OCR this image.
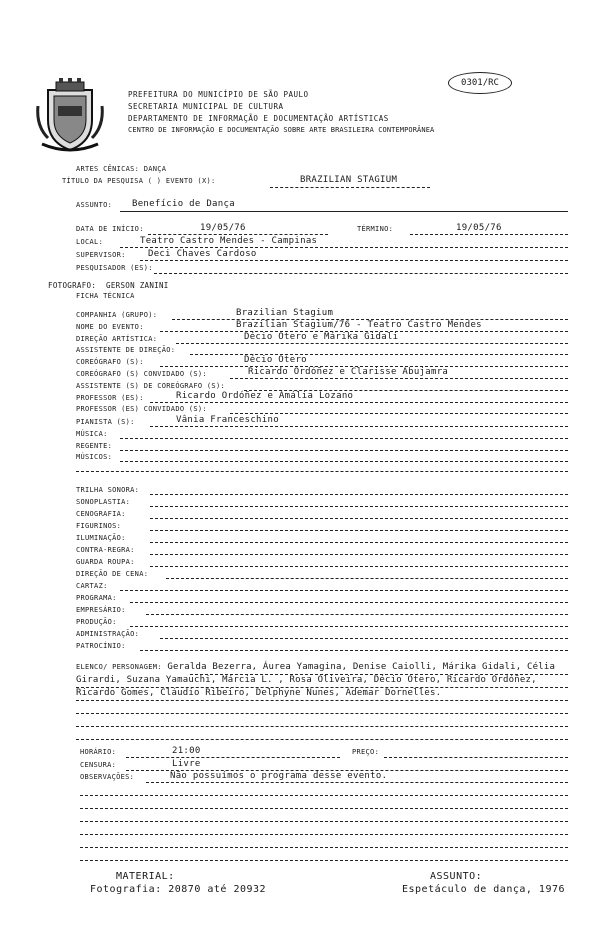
0301/RC
PREFEITURA DO MUNICÍPIO DE SÃO PAULO
SECRETARIA MUNICIPAL DE CULTURA
DEPARTAMENTO DE INFORMAÇÃO E DOCUMENTAÇÃO ARTÍSTICAS
CENTRO DE INFORMAÇÃO E DOCUMENTAÇÃO SOBRE ARTE BRASILEIRA CONTEMPORÂNEA
ARTES CÊNICAS: DANÇA
TÍTULO DA PESQUISA ( ) EVENTO (X):	BRAZILIAN STAGIUM
ASSUNTO: Benefício de Dança
DATA DE INÍCIO:	19/05/76	TÉRMINO:	19/05/76
LOCAL:	Teatro Castro Mendes - Campinas
SUPERVISOR: Deci Chaves Cardoso
PESQUISADOR (ES):
FOTOGRAFO: GERSON ZANINI
FICHA TÉCNICA
COMPANHIA (GRUPO):	Brazilian Stagium
NOME DO EVENTO:	Brazilian Stagium/76 - Teatro Castro Mendes
DIREÇÃO ARTÍSTICA:	Décio Otero e Márika Gidali
ASSISTENTE DE DIREÇÃO:
COREÓGRAFO (S):	Décio Otero
COREÓGRAFO (S) CONVIDADO (S):	Ricardo Ordóñez e Clarisse Abujamra
ASSISTENTE (S) DE COREÓGRAFO (S):
PROFESSOR (ES):	Ricardo Ordóñez e Amália Lozano
PROFESSOR (ES) CONVIDADO (S):
PIANISTA (S):	Vânia Franceschino
MÚSICA:
REGENTE:
MÚSICOS:
TRILHA SONORA:
SONOPLASTIA:
CENOGRAFIA:
FIGURINOS:
ILUMINAÇÃO:
CONTRA-REGRA:
GUARDA ROUPA:
DIREÇÃO DE CENA:
CARTAZ:
PROGRAMA:
EMPRESÁRIO:
PRODUÇÃO:
ADMINISTRAÇÃO:
PATROCÍNIO:
ELENCO/ PERSONAGEM: Geralda Bezerra, Áurea Yamagina, Denise Caiolli, Márika Gidali, Célia Girardi, Suzana Yamauchi, Márcia L. , Rosa Oliveira, Décio Otero, Ricardo Ordóñez, Ricardo Gomes, Cláudio Ribeiro, Delphyne Nunes, Ademar Dornelles.
HORÁRIO:	21:00	PREÇO:
CENSURA:	Livre
OBSERVAÇÕES:	Não possuímos o programa desse evento.
MATERIAL:
Fotografia: 20870 até 20932
ASSUNTO:
Espetáculo de dança, 1976
